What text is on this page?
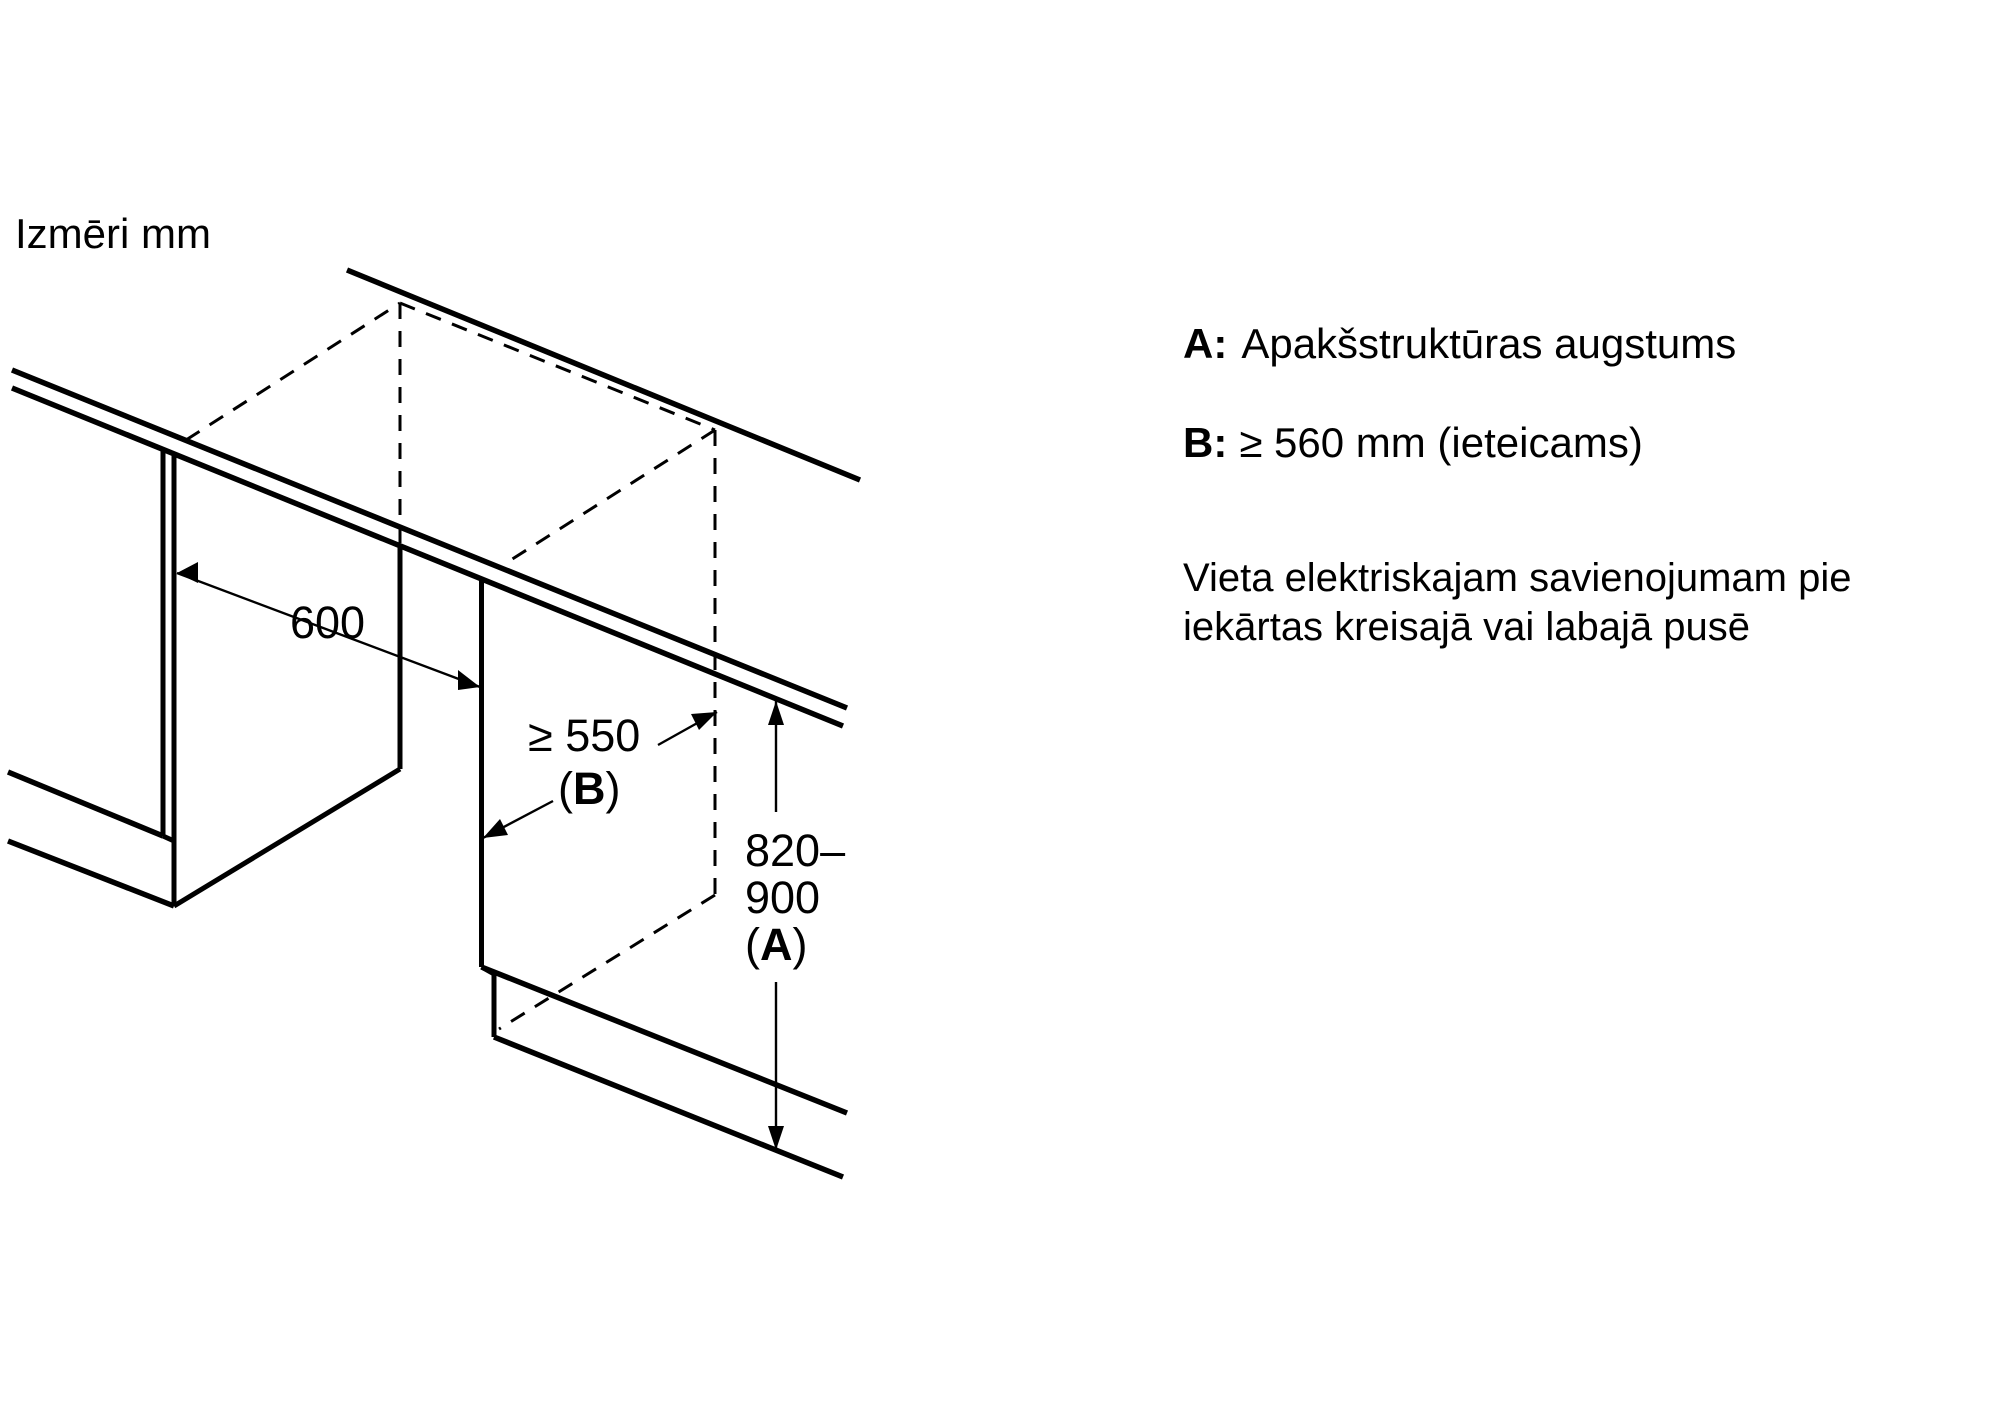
600
≥ 550
(B)
820–
900
(A)
Izmēri mm
A: Apakšstruktūras augstums
B: ≥ 560 mm (ieteicams)
Vieta elektriskajam savienojumam pie
iekārtas kreisajā vai labajā pusē
